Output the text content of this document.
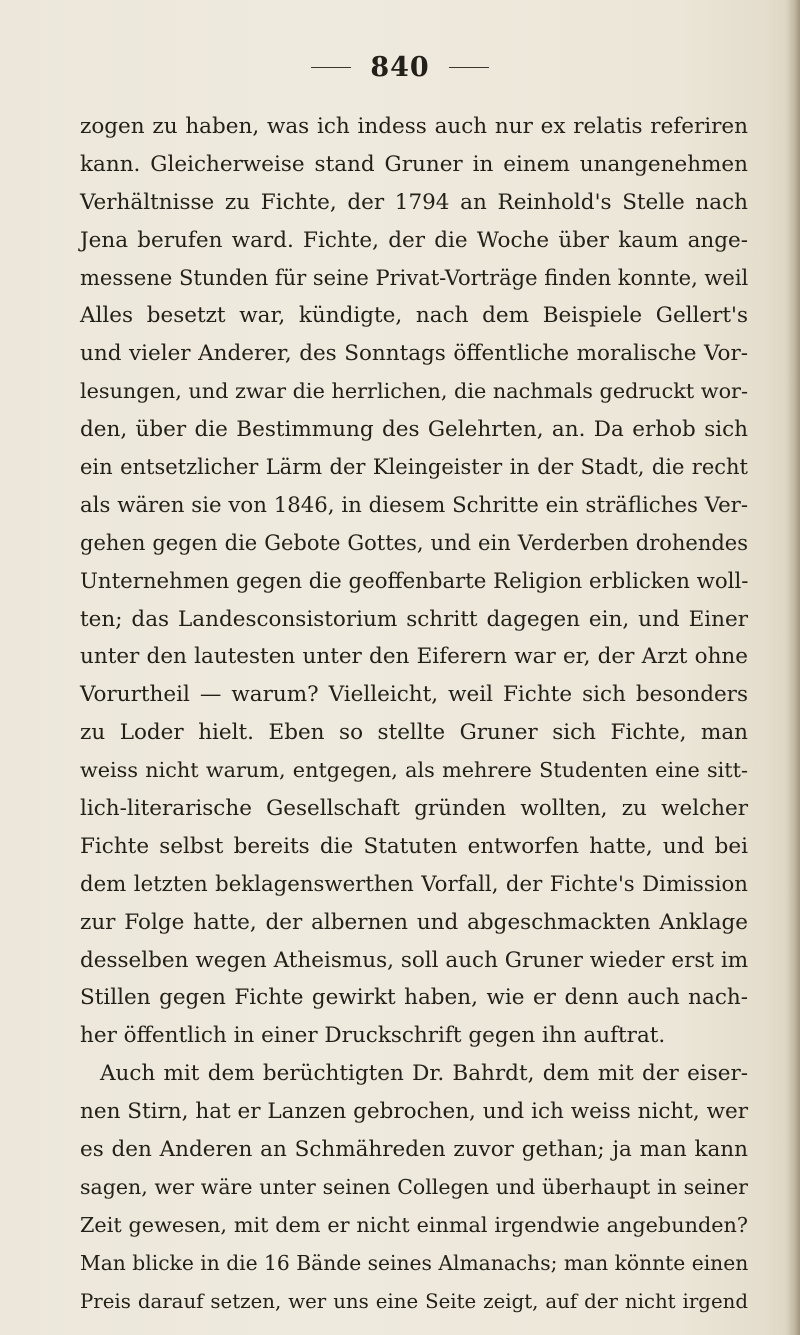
840
zogen zu haben, was ich indess auch nur ex relatis referiren
kann. Gleicherweise stand Gruner in einem unangenehmen
Verhältnisse zu Fichte, der 1794 an Reinhold's Stelle nach
Jena berufen ward. Fichte, der die Woche über kaum ange-
messene Stunden für seine Privat-Vorträge finden konnte, weil
Alles besetzt war, kündigte, nach dem Beispiele Gellert's
und vieler Anderer, des Sonntags öffentliche moralische Vor-
lesungen, und zwar die herrlichen, die nachmals gedruckt wor-
den, über die Bestimmung des Gelehrten, an. Da erhob sich
ein entsetzlicher Lärm der Kleingeister in der Stadt, die recht
als wären sie von 1846, in diesem Schritte ein sträfliches Ver-
gehen gegen die Gebote Gottes, und ein Verderben drohendes
Unternehmen gegen die geoffenbarte Religion erblicken woll-
ten; das Landesconsistorium schritt dagegen ein, und Einer
unter den lautesten unter den Eiferern war er, der Arzt ohne
Vorurtheil — warum? Vielleicht, weil Fichte sich besonders
zu Loder hielt. Eben so stellte Gruner sich Fichte, man
weiss nicht warum, entgegen, als mehrere Studenten eine sitt-
lich-literarische Gesellschaft gründen wollten, zu welcher
Fichte selbst bereits die Statuten entworfen hatte, und bei
dem letzten beklagenswerthen Vorfall, der Fichte's Dimission
zur Folge hatte, der albernen und abgeschmackten Anklage
desselben wegen Atheismus, soll auch Gruner wieder erst im
Stillen gegen Fichte gewirkt haben, wie er denn auch nach-
her öffentlich in einer Druckschrift gegen ihn auftrat.
Auch mit dem berüchtigten Dr. Bahrdt, dem mit der eiser-
nen Stirn, hat er Lanzen gebrochen, und ich weiss nicht, wer
es den Anderen an Schmähreden zuvor gethan; ja man kann
sagen, wer wäre unter seinen Collegen und überhaupt in seiner
Zeit gewesen, mit dem er nicht einmal irgendwie angebunden?
Man blicke in die 16 Bände seines Almanachs; man könnte einen
Preis darauf setzen, wer uns eine Seite zeigt, auf der nicht irgend
